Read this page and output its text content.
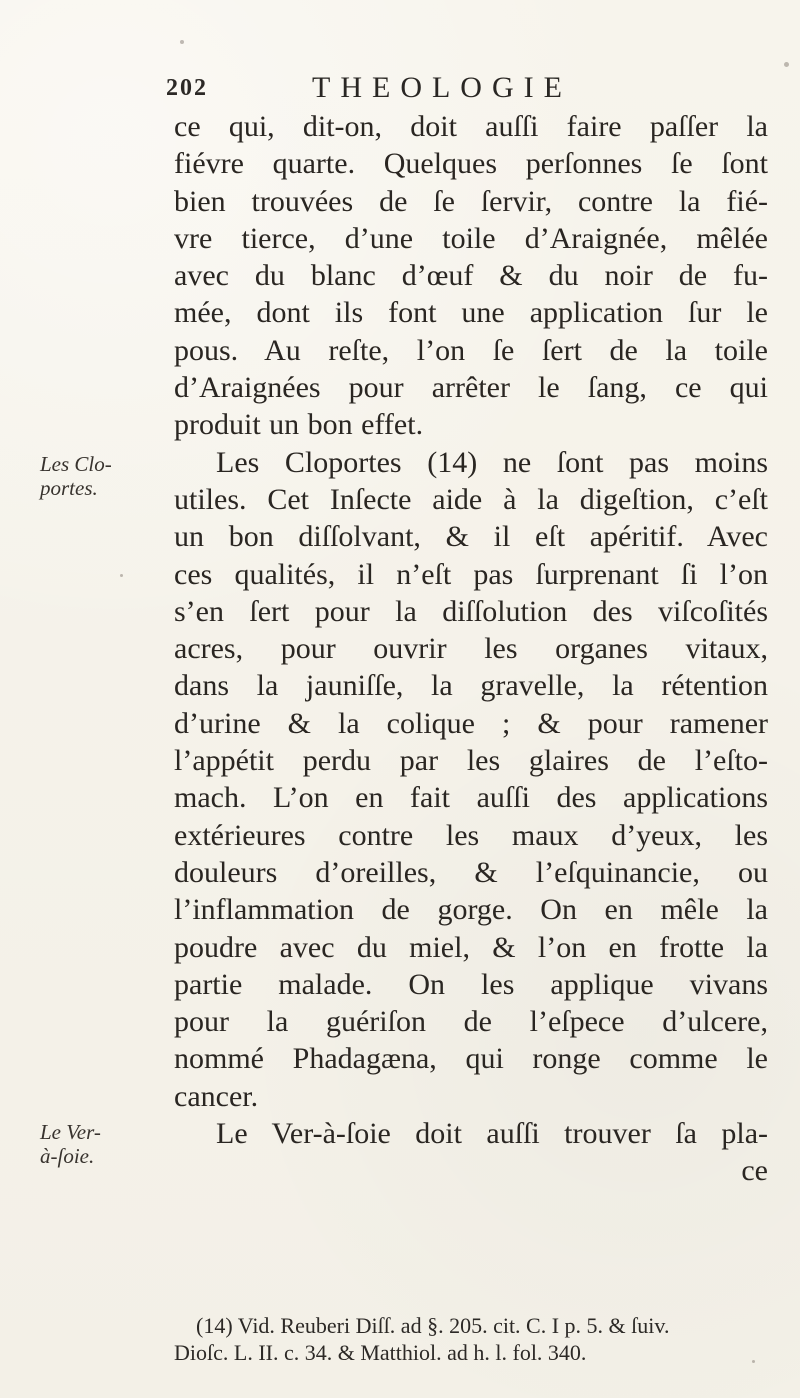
202	THEOLOGIE
ce qui, dit-on, doit auſſi faire paſſer la
fiévre quarte. Quelques perſonnes ſe ſont
bien trouvées de ſe ſervir, contre la fié-
vre tierce, d’une toile d’Araignée, mêlée
avec du blanc d’œuf & du noir de fu-
mée, dont ils font une application ſur le
pous. Au reſte, l’on ſe ſert de la toile
d’Araignées pour arrêter le ſang, ce qui
produit un bon effet.
Les Cloportes (14) ne ſont pas moins
utiles. Cet Inſecte aide à la digeſtion, c’eſt
un bon diſſolvant, & il eſt apéritif. Avec
ces qualités, il n’eſt pas ſurprenant ſi l’on
s’en ſert pour la diſſolution des viſcoſités
acres, pour ouvrir les organes vitaux,
dans la jauniſſe, la gravelle, la rétention
d’urine & la colique ; & pour ramener
l’appétit perdu par les glaires de l’eſto-
mach. L’on en fait auſſi des applications
extérieures contre les maux d’yeux, les
douleurs d’oreilles, & l’eſquinancie, ou
l’inflammation de gorge. On en mêle la
poudre avec du miel, & l’on en frotte la
partie malade. On les applique vivans
pour la guériſon de l’eſpece d’ulcere,
nommé Phadagæna, qui ronge comme le
cancer.
Le Ver-à-ſoie doit auſſi trouver ſa pla-
ce
Les Clo-
portes.
Le Ver-
à-ſoie.
(14) Vid. Reuberi Diſſ. ad §. 205. cit. C. I p. 5. & ſuiv.
Dioſc. L. II. c. 34. & Matthiol. ad h. l. fol. 340.
